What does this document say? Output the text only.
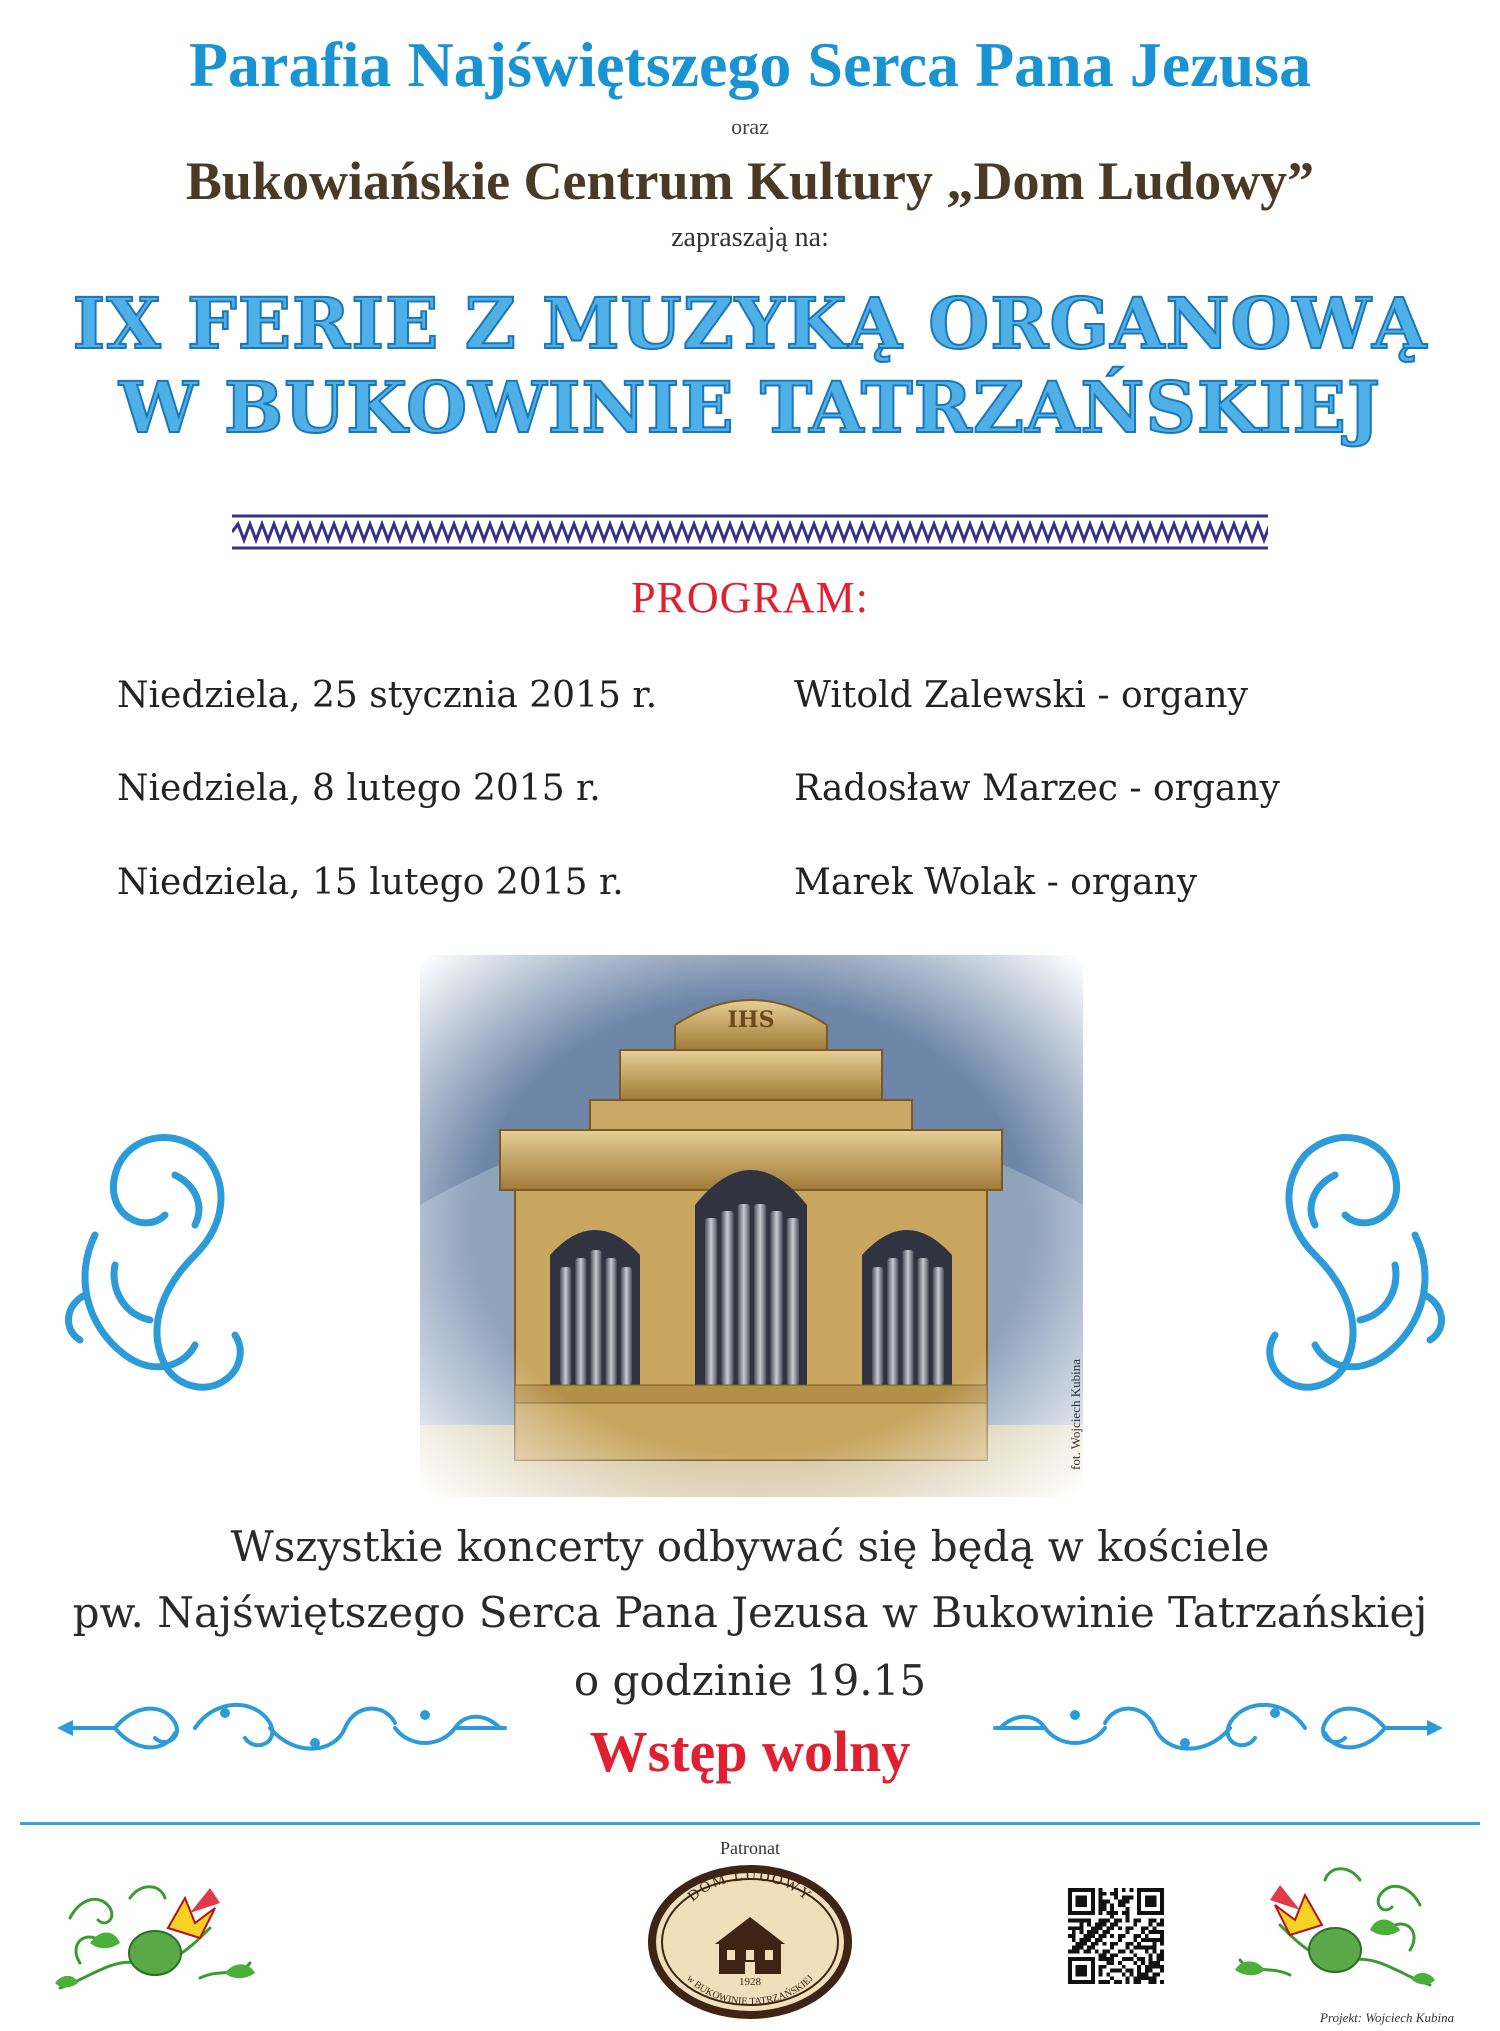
Parafia Najświętszego Serca Pana Jezusa
oraz
Bukowiańskie Centrum Kultury „Dom Ludowy”
zapraszają na:
IX FERIE Z MUZYKĄ ORGANOWĄ
W BUKOWINIE TATRZAŃSKIEJ
PROGRAM:
Niedziela, 25 stycznia 2015 r.	Witold Zalewski - organy
Niedziela, 8 lutego 2015 r.	Radosław Marzec - organy
Niedziela, 15 lutego 2015 r.	Marek Wolak - organy
fot. Wojciech Kubina
Wszystkie koncerty odbywać się będą w kościele
pw. Najświętszego Serca Pana Jezusa w Bukowinie Tatrzańskiej
o godzinie 19.15
Wstęp wolny
Patronat
DOM LUDOWY
1928
w BUKOWINIE TATRZAŃSKIEJ
Projekt: Wojciech Kubina
